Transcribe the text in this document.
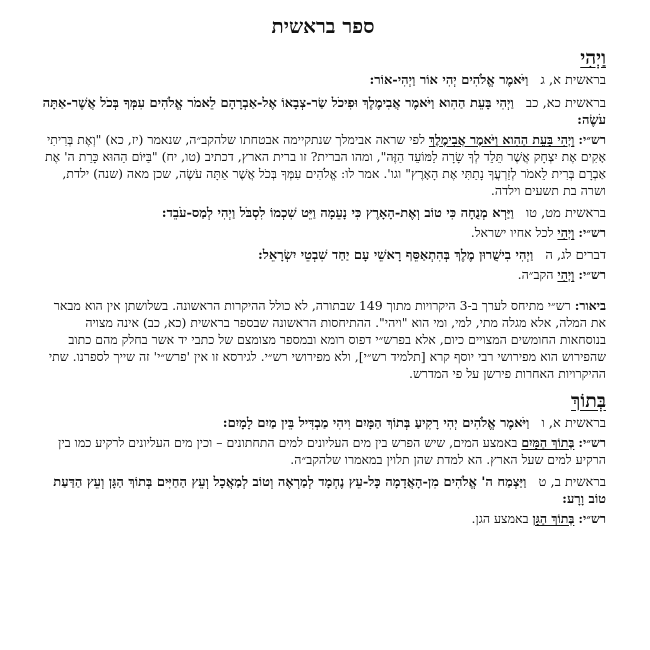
ספר בראשית
וַיְהִי

בראשית א, ג וַיֹּאמֶר אֱלֹהִים יְהִי אוֹר וַיְהִי-אוֹר:

בראשית כא, כב וַיְהִי בָּעֵת הַהִוא וַיֹּאמֶר אֲבִימֶלֶךְ וּפִיכֹל שַׂר-צְבָאוֹ אֶל-אַבְרָהָם לֵאמֹר אֱלֹהִים עִמְּךָ בְּכֹל אֲשֶׁר-אַתָּה עֹשֶׂה:

רש״י: וַיְהִי בָּעֵת הַהִוא וַיֹּאמֶר אֲבִימֶלֶךְ לפי שראה אבימלך שנתקיימה אבטחתו שלהקב״ה, שנאמר (יז, כא) "וְאֶת בְּרִיתִי אָקִים אֶת יִצְחָק אֲשֶׁר תֵּלֵד לְךָ שָׂרָה לַמּוֹעֵד הַזֶּה", ומהו הברית? זו ברית הארץ, דכתיב (טו, יח) "בַּיּוֹם הַהוּא כָּרַת ה' אֶת אַבְרָם בְּרִית לֵאמֹר לְזַרְעֲךָ נָתַתִּי אֶת הָאָרֶץ" וגו'. אמר לו: אֱלֹהִים עִמְּךָ בְּכֹל אֲשֶׁר אַתָּה עֹשֶׂה, שכן מאה (שנה) ילדת, ושרה בת תשעים וילדה.

בראשית מט, טו וַיַּרְא מְנֻחָה כִּי טוֹב וְאֶת-הָאָרֶץ כִּי נָעֵמָה וַיֵּט שִׁכְמוֹ לִסְבֹּל וַיְהִי לְמַס-עֹבֵד:

רש״י: וַיְהִי לכל אחיו ישראל.

דברים לג, ה וַיְהִי בִישֻׁרוּן מֶלֶךְ בְּהִתְאַסֵּף רָאשֵׁי עָם יַחַד שִׁבְטֵי יִשְׂרָאֵל:

רש״י: וַיְהִי הקב״ה.

ביאור: רש״י מתיחס לערך ב-3 היקרויות מתוך 149 שבתורה, לא כולל ההיקרות הראשונה. בשלושתן אין הוא מבאר את המלה, אלא מגלה מתי, למי, ומי הוא "ויהי". ההתיחסות הראשונה שבספר בראשית (כא, כב) אינה מצויה בנוסחאות החומשים המצויים כיום, אלא בפרש״י דפוס רומא ובמספר מצומצם של כתבי יד אשר בחלק מהם כתוב שהפירוש הוא מפירושי רבי יוסף קרא [תלמיד רש״י], ולא מפירושי רש״י. לגירסא זו אין 'פרש״י' זה שייך לספרנו. שתי ההיקרויות האחרות פירשן על פי המדרש.

בְּתוֹךְ

בראשית א, ו וַיֹּאמֶר אֱלֹהִים יְהִי רָקִיעַ בְּתוֹךְ הַמָּיִם וִיהִי מַבְדִּיל בֵּין מַיִם לָמָיִם:

רש״י: בְּתוֹךְ הַמָּיִם באמצע המים, שיש הפרש בין מים העליונים למים התחתונים – וכין מים העליונים לרקיע כמו בין הרקיע למים שעל הארץ. הא למדת שהן תלוין במאמרו שלהקב״ה.

בראשית ב, ט וַיַּצְמַח ה' אֱלֹהִים מִן-הָאֲדָמָה כָּל-עֵץ נֶחְמָד לְמַרְאֶה וְטוֹב לְמַאֲכָל וְעֵץ הַחַיִּים בְּתוֹךְ הַגָּן וְעֵץ הַדַּעַת טוֹב וָרָע:

רש״י: בְּתוֹךְ הַגָּן באמצע הגן.
